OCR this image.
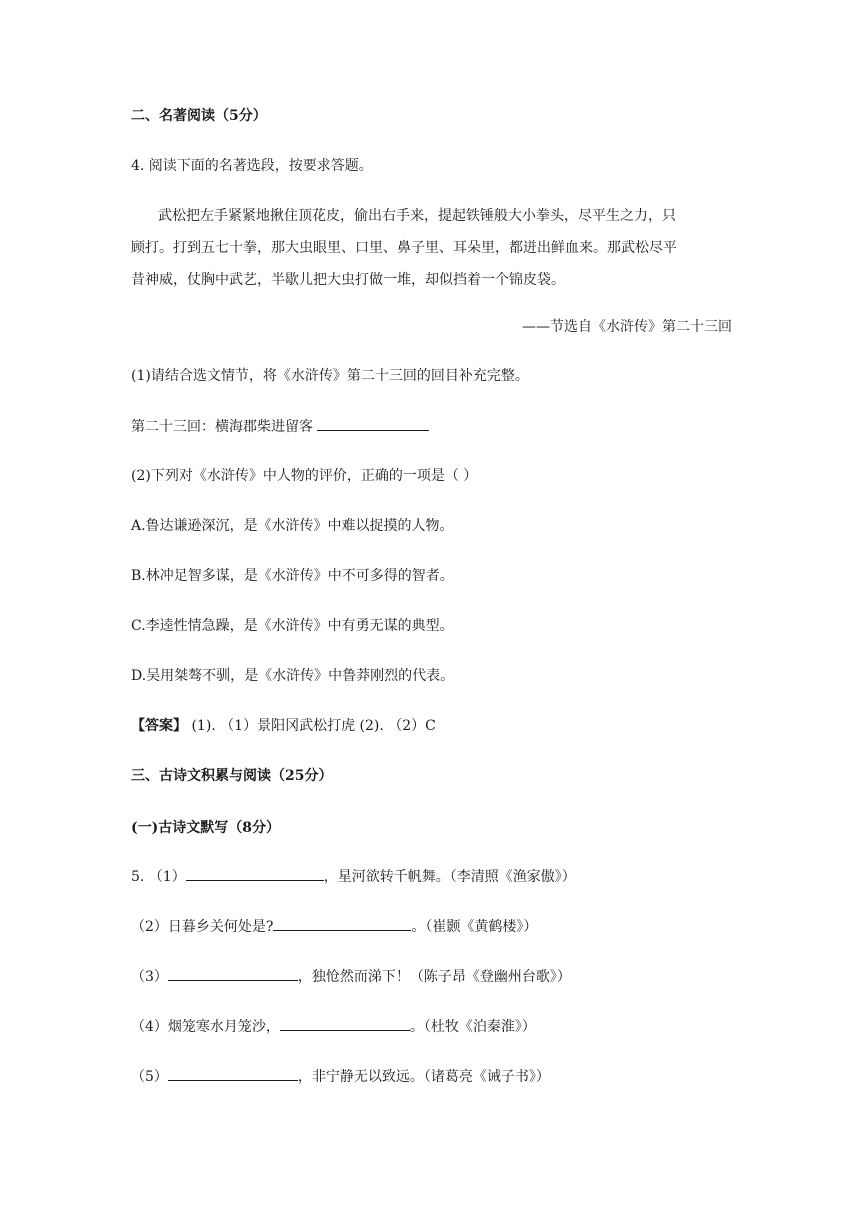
二、名著阅读（5分）
4. 阅读下面的名著选段，按要求答题。
武松把左手紧紧地揪住顶花皮，偷出右手来，提起铁锤般大小拳头，尽平生之力，只
顾打。打到五七十拳，那大虫眼里、口里、鼻子里、耳朵里，都迸出鲜血来。那武松尽平
昔神威，仗胸中武艺，半歇儿把大虫打做一堆，却似挡着一个锦皮袋。
——节选自《水浒传》第二十三回
(1)请结合选文情节，将《水浒传》第二十三回的回目补充完整。
第二十三回：横海郡柴进留客
(2)下列对《水浒传》中人物的评价，正确的一项是（ ）
A.鲁达谦逊深沉，是《水浒传》中难以捉摸的人物。
B.林冲足智多谋，是《水浒传》中不可多得的智者。
C.李逵性情急躁，是《水浒传》中有勇无谋的典型。
D.吴用桀骜不驯，是《水浒传》中鲁莽刚烈的代表。
【答案】 (1). （1）景阳冈武松打虎 (2). （2）C
三、古诗文积累与阅读（25分）
(一)古诗文默写（8分）
5. （1）	，星河欲转千帆舞。（李清照《渔家傲》）
（2）日暮乡关何处是?	。（崔颢《黄鹤楼》）
（3）	，独怆然而涕下！（陈子昂《登幽州台歌》）
（4）烟笼寒水月笼沙，	。（杜牧《泊秦淮》）
（5）	，非宁静无以致远。（诸葛亮《诫子书》）
